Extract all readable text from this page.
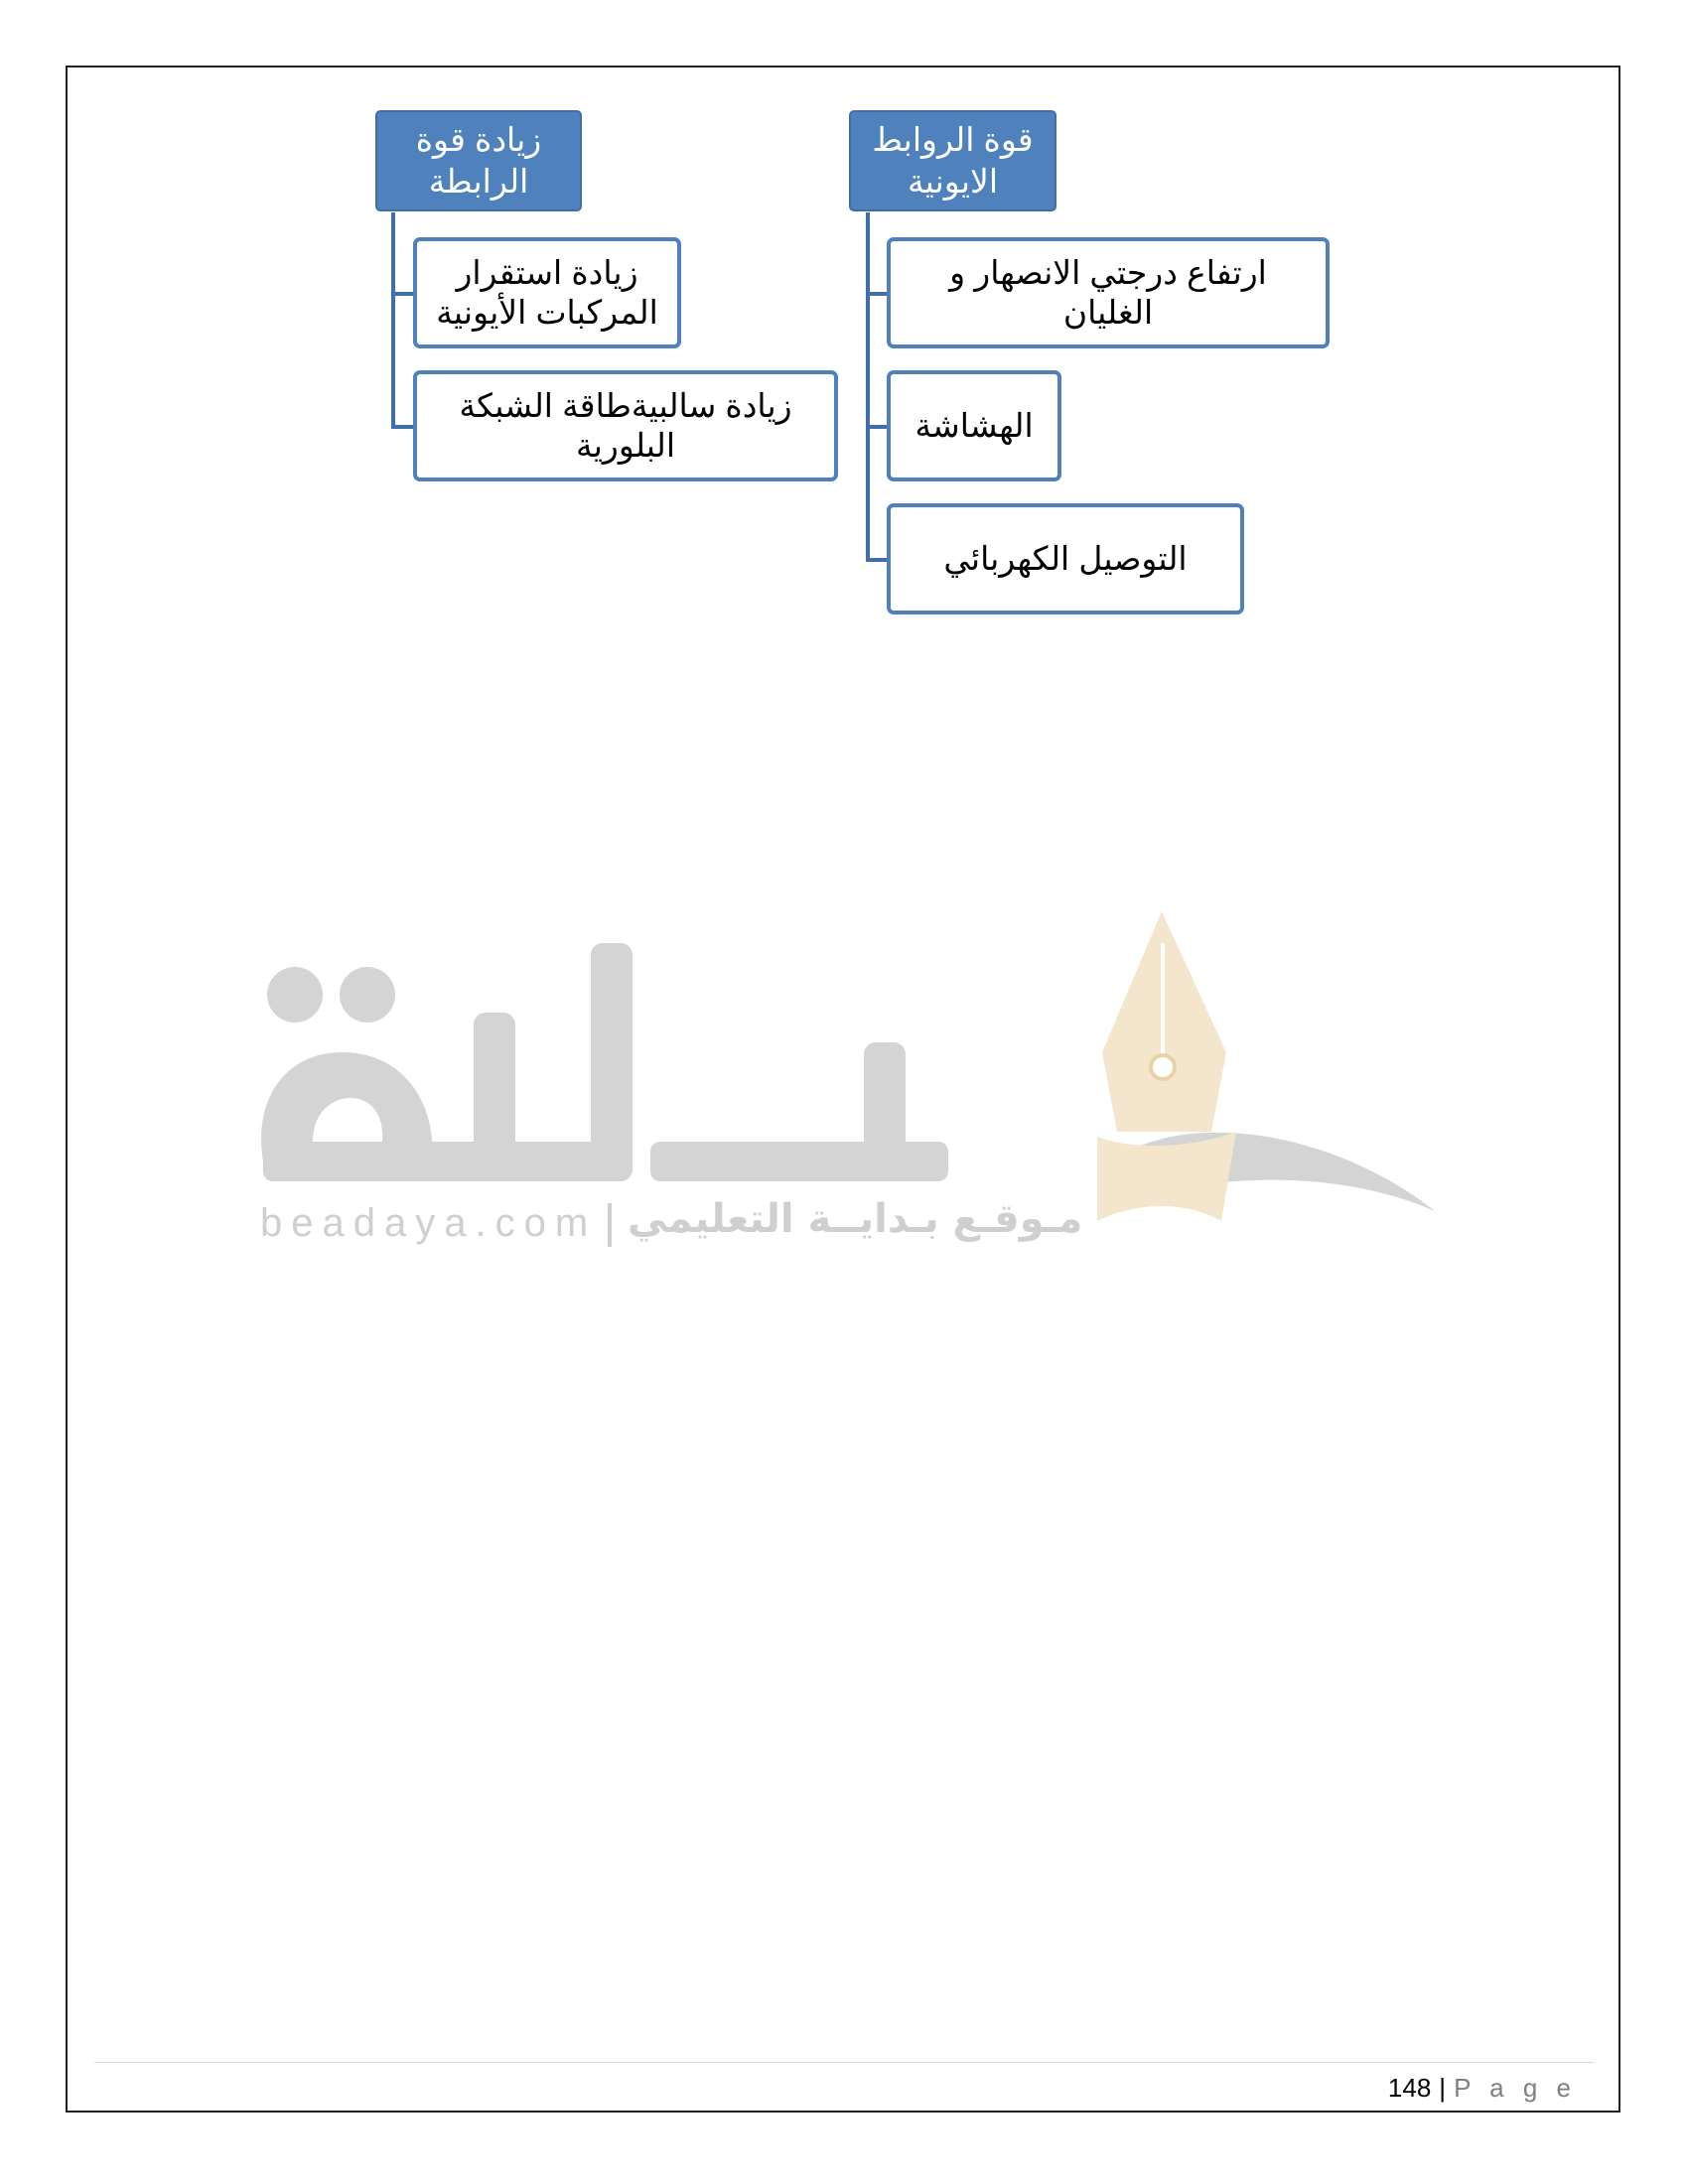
زيادة قوة الرابطة
زيادة استقرار المركبات الأيونية
زيادة سالبيةطاقة الشبكة البلورية
قوة الروابط الايونية
ارتفاع درجتي الانصهار و الغليان
الهشاشة
التوصيل الكهربائي
beadaya.com مـوقـع بـدايــة التعليمي
148 | P a g e
